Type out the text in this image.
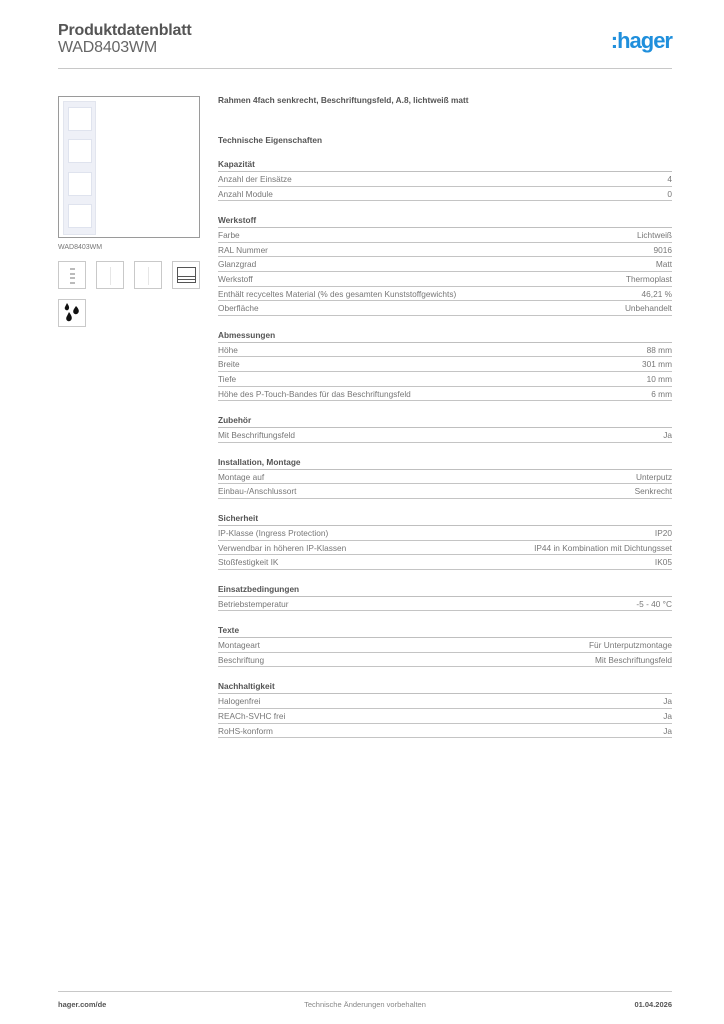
Produktdatenblatt
WAD8403WM	:hager
WAD8403WM
Rahmen 4fach senkrecht, Beschriftungsfeld, A.8, lichtweiß matt
Technische Eigenschaften
Kapazität
Anzahl der Einsätze	4
Anzahl Module	0
Werkstoff
Farbe	Lichtweiß
RAL Nummer	9016
Glanzgrad	Matt
Werkstoff	Thermoplast
Enthält recyceltes Material (% des gesamten Kunststoffgewichts)	46,21 %
Oberfläche	Unbehandelt
Abmessungen
Höhe	88 mm
Breite	301 mm
Tiefe	10 mm
Höhe des P-Touch-Bandes für das Beschriftungsfeld	6 mm
Zubehör
Mit Beschriftungsfeld	Ja
Installation, Montage
Montage auf	Unterputz
Einbau-/Anschlussort	Senkrecht
Sicherheit
IP-Klasse (Ingress Protection)	IP20
Verwendbar in höheren IP-Klassen	IP44 in Kombination mit Dichtungsset
Stoßfestigkeit IK	IK05
Einsatzbedingungen
Betriebstemperatur	-5 - 40 °C
Texte
Montageart	Für Unterputzmontage
Beschriftung	Mit Beschriftungsfeld
Nachhaltigkeit
Halogenfrei	Ja
REACh-SVHC frei	Ja
RoHS-konform	Ja
hager.com/de	Technische Änderungen vorbehalten	01.04.2026
